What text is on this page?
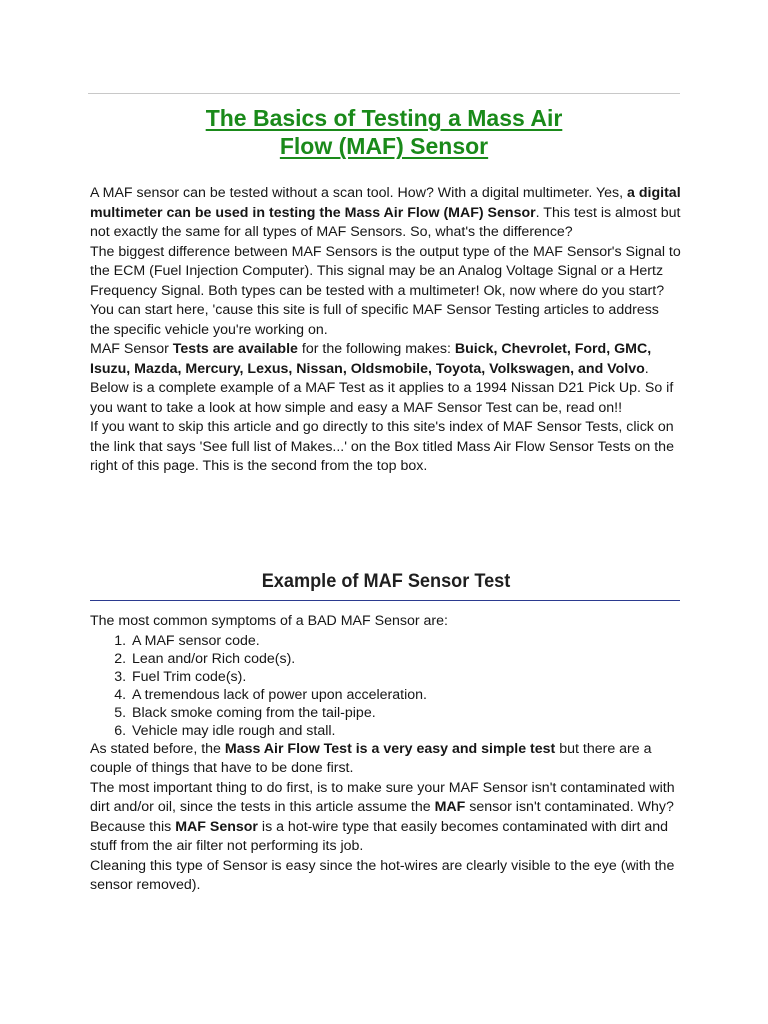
The Basics of Testing a Mass Air
Flow (MAF) Sensor

A MAF sensor can be tested without a scan tool. How? With a digital multimeter. Yes, a digital multimeter can be used in testing the Mass Air Flow (MAF) Sensor. This test is almost but not exactly the same for all types of MAF Sensors. So, what's the difference?

The biggest difference between MAF Sensors is the output type of the MAF Sensor's Signal to the ECM (Fuel Injection Computer). This signal may be an Analog Voltage Signal or a Hertz Frequency Signal. Both types can be tested with a multimeter! Ok, now where do you start?

You can start here, 'cause this site is full of specific MAF Sensor Testing articles to address the specific vehicle you're working on.

MAF Sensor Tests are available for the following makes: Buick, Chevrolet, Ford, GMC, Isuzu, Mazda, Mercury, Lexus, Nissan, Oldsmobile, Toyota, Volkswagen, and Volvo.

Below is a complete example of a MAF Test as it applies to a 1994 Nissan D21 Pick Up. So if you want to take a look at how simple and easy a MAF Sensor Test can be, read on!!

If you want to skip this article and go directly to this site's index of MAF Sensor Tests, click on the link that says 'See full list of Makes...' on the Box titled Mass Air Flow Sensor Tests on the right of this page. This is the second from the top box.

Example of MAF Sensor Test

The most common symptoms of a BAD MAF Sensor are:

1. A MAF sensor code.
2. Lean and/or Rich code(s).
3. Fuel Trim code(s).
4. A tremendous lack of power upon acceleration.
5. Black smoke coming from the tail-pipe.
6. Vehicle may idle rough and stall.

As stated before, the Mass Air Flow Test is a very easy and simple test but there are a couple of things that have to be done first.

The most important thing to do first, is to make sure your MAF Sensor isn't contaminated with dirt and/or oil, since the tests in this article assume the MAF sensor isn't contaminated. Why? Because this MAF Sensor is a hot-wire type that easily becomes contaminated with dirt and stuff from the air filter not performing its job.

Cleaning this type of Sensor is easy since the hot-wires are clearly visible to the eye (with the sensor removed).
